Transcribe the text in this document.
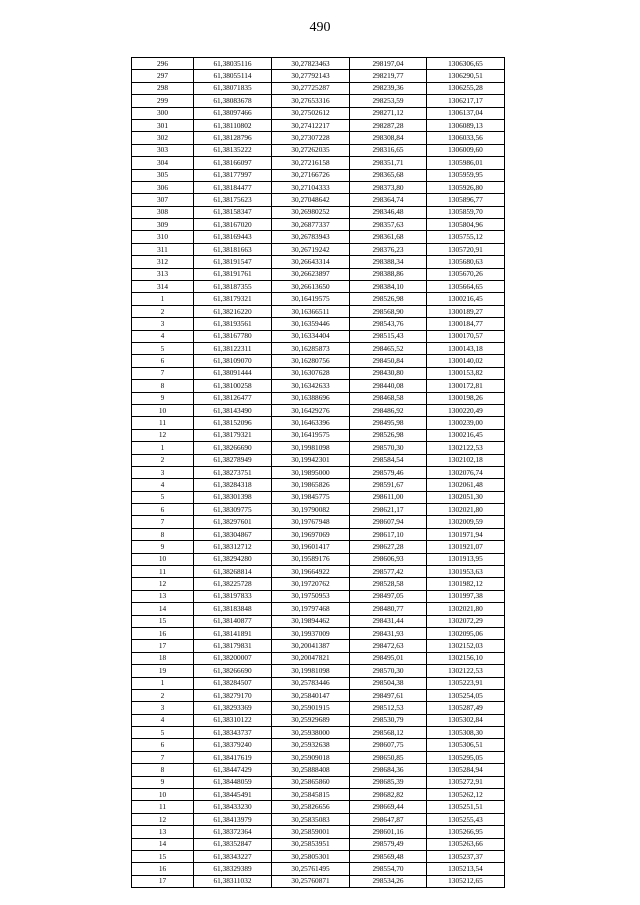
490
296	61,38035116	30,27823463	298197,04	1306306,65
297	61,38055114	30,27792143	298219,77	1306290,51
298	61,38071835	30,27725287	298239,36	1306255,28
299	61,38083678	30,27653316	298253,59	1306217,17
300	61,38097466	30,27502612	298271,12	1306137,04
301	61,38110802	30,27412217	298287,28	1306089,13
302	61,38128796	30,27307228	298308,84	1306033,56
303	61,38135222	30,27262035	298316,65	1306009,60
304	61,38166097	30,27216158	298351,71	1305986,01
305	61,38177997	30,27166726	298365,68	1305959,95
306	61,38184477	30,27104333	298373,80	1305926,80
307	61,38175623	30,27048642	298364,74	1305896,77
308	61,38158347	30,26980252	298346,48	1305859,70
309	61,38167020	30,26877337	298357,63	1305804,96
310	61,38169443	30,26783943	298361,68	1305755,12
311	61,38181663	30,26719242	298376,23	1305720,91
312	61,38191547	30,26643314	298388,34	1305680,63
313	61,38191761	30,26623897	298388,86	1305670,26
314	61,38187355	30,26613650	298384,10	1305664,65
1	61,38179321	30,16419575	298526,98	1300216,45
2	61,38216220	30,16366511	298568,90	1300189,27
3	61,38193561	30,16359446	298543,76	1300184,77
4	61,38167780	30,16334404	298515,43	1300170,57
5	61,38122311	30,16285873	298465,52	1300143,18
6	61,38109070	30,16280756	298450,84	1300140,02
7	61,38091444	30,16307628	298430,80	1300153,82
8	61,38100258	30,16342633	298440,08	1300172,81
9	61,38126477	30,16388696	298468,58	1300198,26
10	61,38143490	30,16429276	298486,92	1300220,49
11	61,38152096	30,16463396	298495,98	1300239,00
12	61,38179321	30,16419575	298526,98	1300216,45
1	61,38266690	30,19981098	298570,30	1302122,53
2	61,38278949	30,19942301	298584,54	1302102,18
3	61,38273751	30,19895000	298579,46	1302076,74
4	61,38284318	30,19865826	298591,67	1302061,48
5	61,38301398	30,19845775	298611,00	1302051,30
6	61,38309775	30,19790082	298621,17	1302021,80
7	61,38297601	30,19767948	298607,94	1302009,59
8	61,38304867	30,19697069	298617,10	1301971,94
9	61,38312712	30,19601417	298627,28	1301921,07
10	61,38294280	30,19589176	298606,93	1301913,95
11	61,38268814	30,19664922	298577,42	1301953,63
12	61,38225728	30,19720762	298528,58	1301982,12
13	61,38197833	30,19750953	298497,05	1301997,38
14	61,38183848	30,19797468	298480,77	1302021,80
15	61,38140877	30,19894462	298431,44	1302072,29
16	61,38141891	30,19937009	298431,93	1302095,06
17	61,38179831	30,20041387	298472,63	1302152,03
18	61,38200007	30,20047821	298495,01	1302156,10
19	61,38266690	30,19981098	298570,30	1302122,53
1	61,38284507	30,25783446	298504,38	1305223,91
2	61,38279170	30,25840147	298497,61	1305254,05
3	61,38293369	30,25901915	298512,53	1305287,49
4	61,38310122	30,25929689	298530,79	1305302,84
5	61,38343737	30,25938000	298568,12	1305308,30
6	61,38379240	30,25932638	298607,75	1305306,51
7	61,38417619	30,25909018	298650,85	1305295,05
8	61,38447429	30,25888408	298684,36	1305284,94
9	61,38448059	30,25865860	298685,39	1305272,91
10	61,38445491	30,25845815	298682,82	1305262,12
11	61,38433230	30,25826656	298669,44	1305251,51
12	61,38413979	30,25835083	298647,87	1305255,43
13	61,38372364	30,25859001	298601,16	1305266,95
14	61,38352847	30,25853951	298579,49	1305263,66
15	61,38343227	30,25805301	298569,48	1305237,37
16	61,38329389	30,25761495	298554,70	1305213,54
17	61,38311032	30,25760871	298534,26	1305212,65
